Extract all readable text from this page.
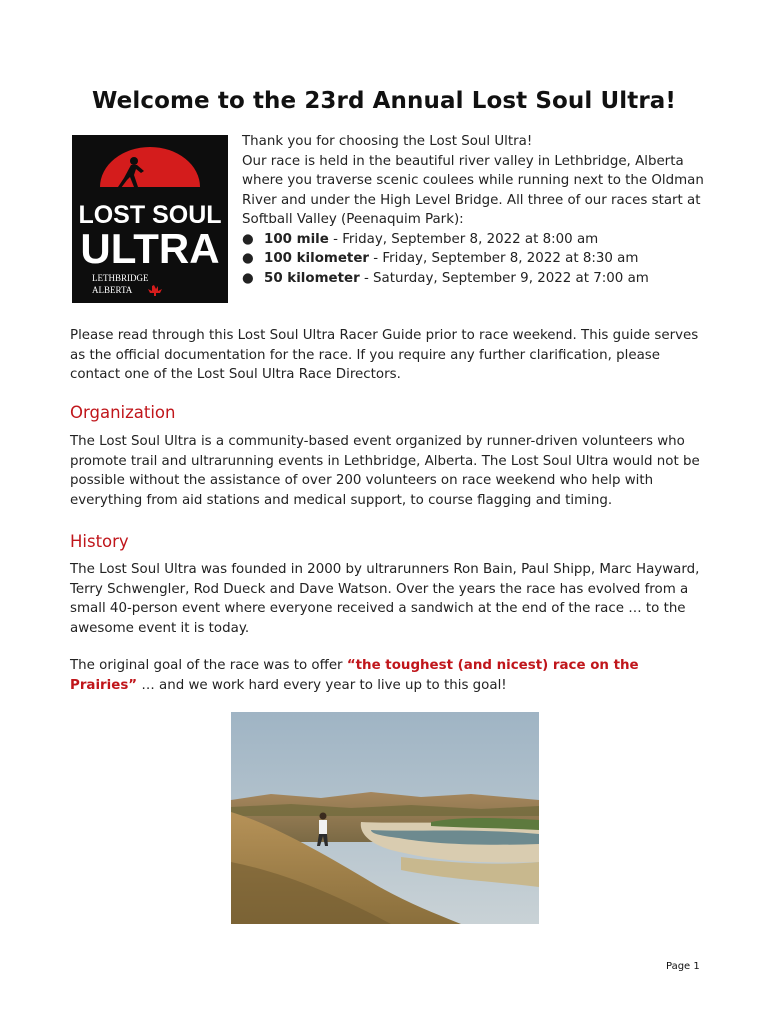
Welcome to the 23rd Annual Lost Soul Ultra!
LOST SOUL
ULTRA
LETHBRIDGE
ALBERTA

Thank you for choosing the Lost Soul Ultra!

Our race is held in the beautiful river valley in Lethbridge, Alberta where you traverse scenic coulees while running next to the Oldman River and under the High Level Bridge. All three of our races start at Softball Valley (Peenaquim Park):

● 100 mile - Friday, September 8, 2022 at 8:00 am
● 100 kilometer - Friday, September 8, 2022 at 8:30 am
● 50 kilometer - Saturday, September 9, 2022 at 7:00 am

Please read through this Lost Soul Ultra Racer Guide prior to race weekend. This guide serves as the official documentation for the race. If you require any further clarification, please contact one of the Lost Soul Ultra Race Directors.

Organization

The Lost Soul Ultra is a community-based event organized by runner-driven volunteers who promote trail and ultrarunning events in Lethbridge, Alberta. The Lost Soul Ultra would not be possible without the assistance of over 200 volunteers on race weekend who help with everything from aid stations and medical support, to course flagging and timing.

History

The Lost Soul Ultra was founded in 2000 by ultrarunners Ron Bain, Paul Shipp, Marc Hayward, Terry Schwengler, Rod Dueck and Dave Watson. Over the years the race has evolved from a small 40-person event where everyone received a sandwich at the end of the race … to the awesome event it is today.

The original goal of the race was to offer “the toughest (and nicest) race on the Prairies” … and we work hard every year to live up to this goal!

Page 1
